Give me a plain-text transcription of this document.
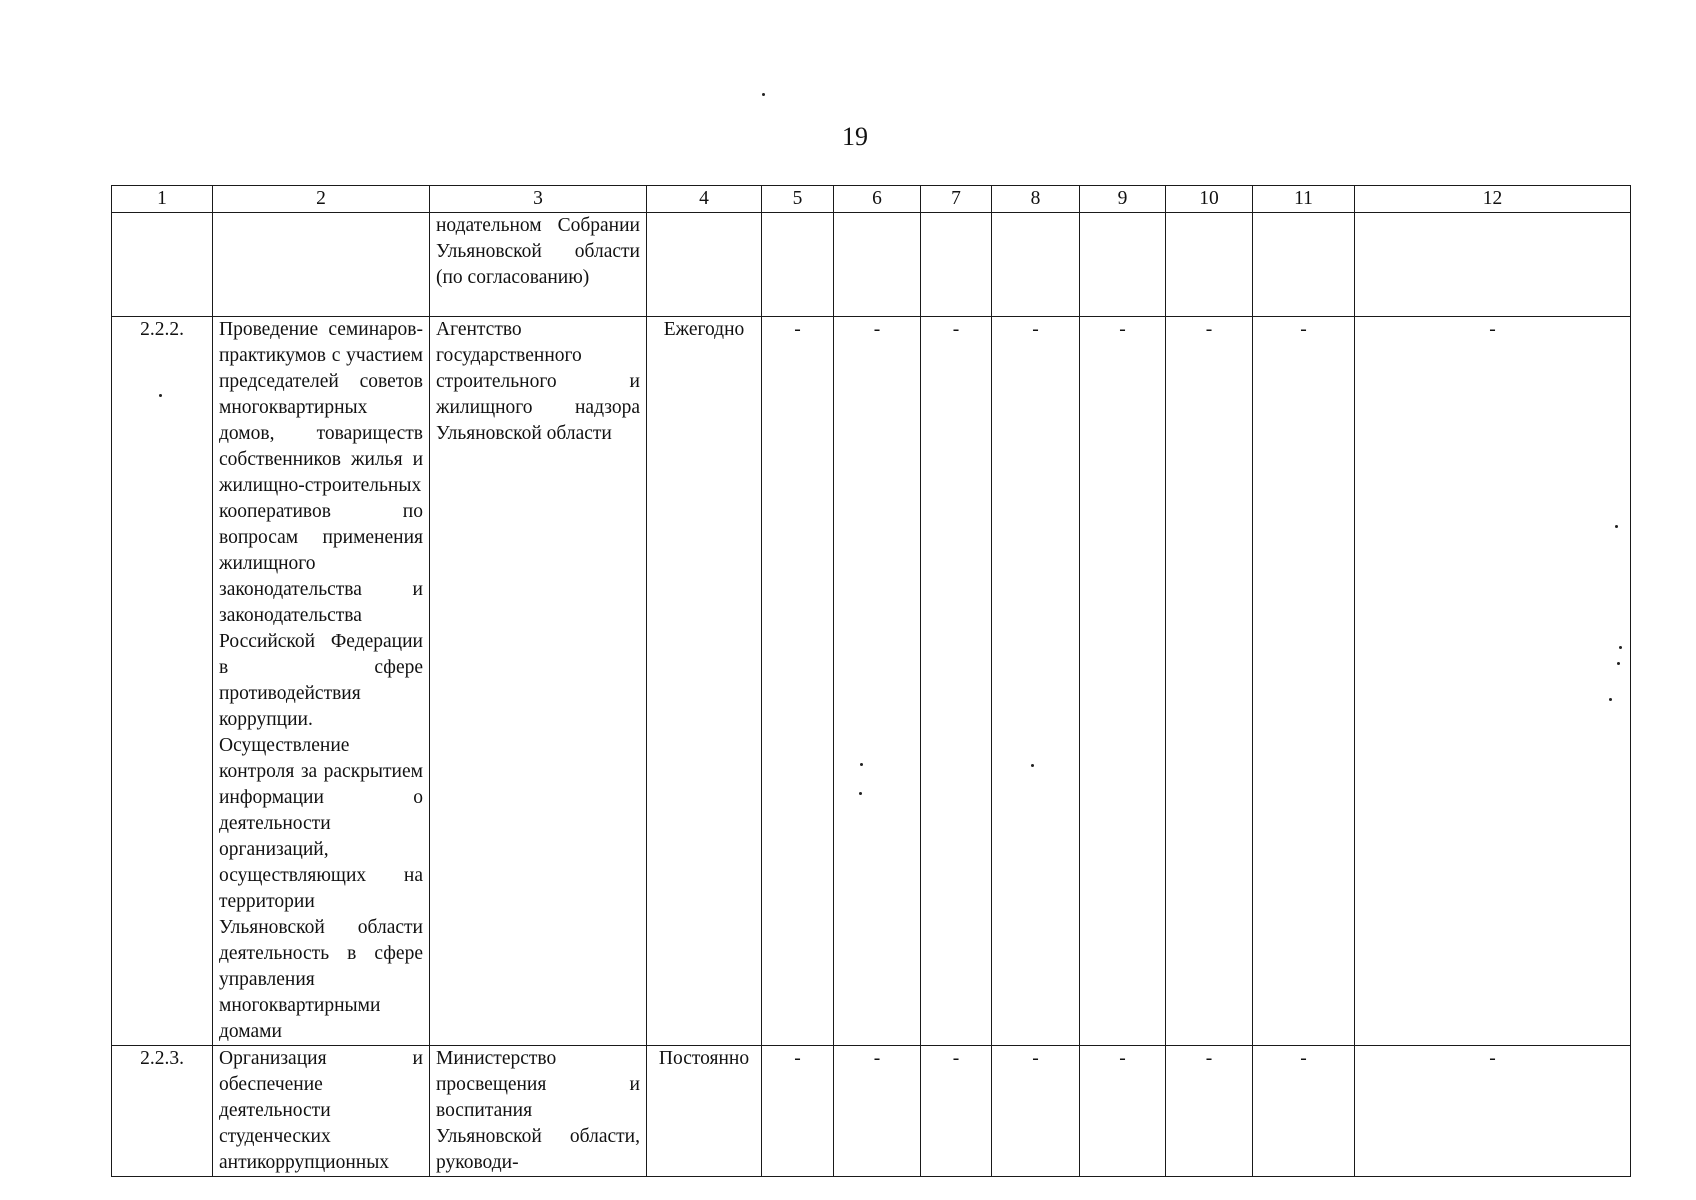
19
1	2	3	4	5	6	7	8	9	10	11	12
		нодательном Собрании Ульяновской области (по согласованию)									
2.2.2.	Проведение семинаров-практикумов с участием председателей советов многоквартирных домов, товариществ собственников жилья и жилищно-строительных кооперативов по вопросам применения жилищного законодательства и законодательства Российской Федерации в сфере противодействия коррупции. Осуществление контроля за раскрытием информации о деятельности организаций, осуществляющих на территории Ульяновской области деятельность в сфере управления многоквартирными домами	Агентство государственного строительного и жилищного надзора Ульяновской области	Ежегодно	-	-	-	-	-	-	-	-
2.2.3.	Организация и обеспечение деятельности студенческих антикоррупционных	Министерство просвещения и воспитания Ульяновской области, руководи-	Постоянно	-	-	-	-	-	-	-	-
